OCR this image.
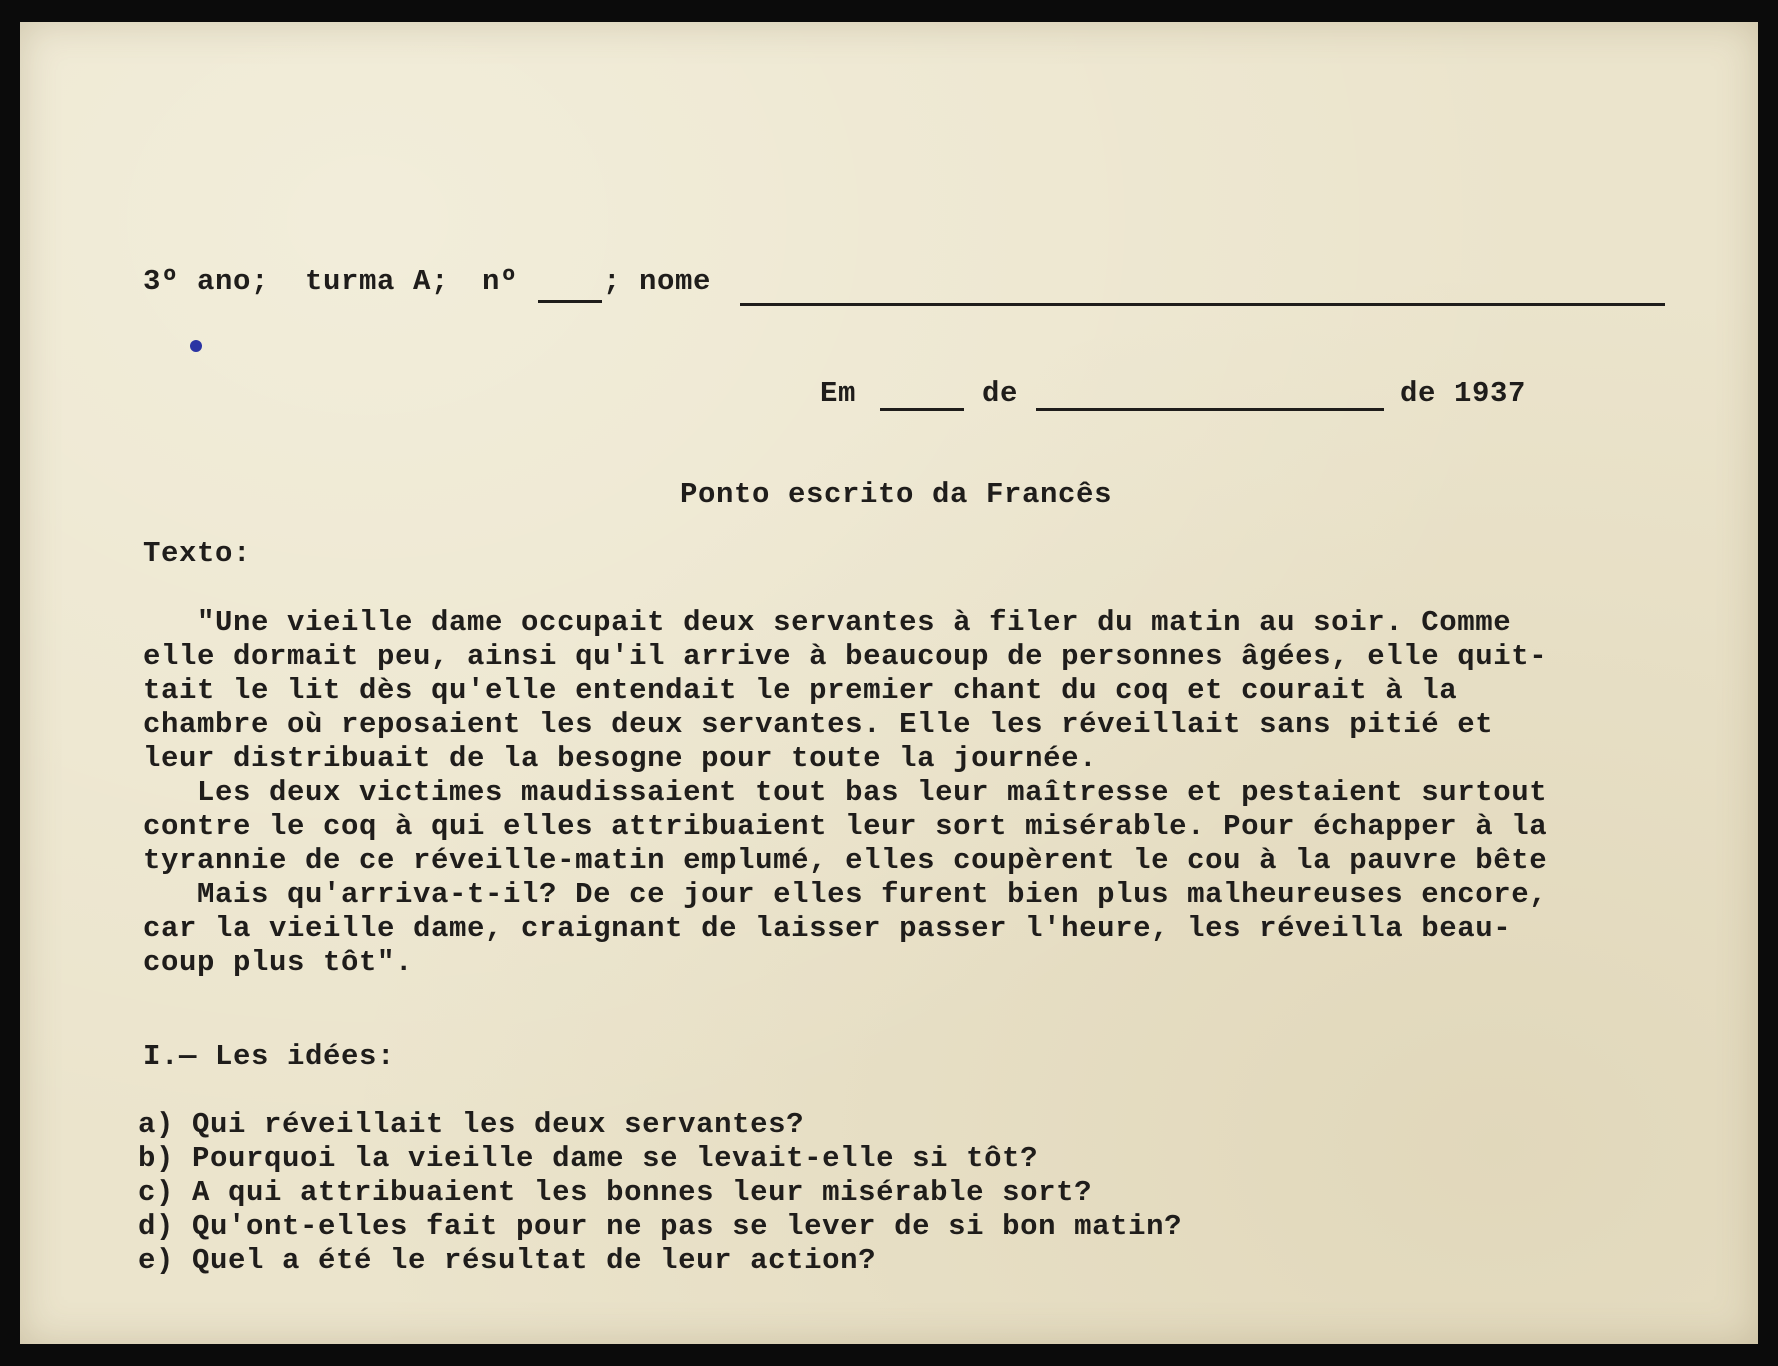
3º ano; turma A; nº	; nome
Em	de	de 1937
Ponto escrito da Francês
Texto:
"Une vieille dame occupait deux servantes à filer du matin au soir. Comme
elle dormait peu, ainsi qu'il arrive à beaucoup de personnes âgées, elle quit-
tait le lit dès qu'elle entendait le premier chant du coq et courait à la
chambre où reposaient les deux servantes. Elle les réveillait sans pitié et
leur distribuait de la besogne pour toute la journée.
Les deux victimes maudissaient tout bas leur maîtresse et pestaient surtout
contre le coq à qui elles attribuaient leur sort misérable. Pour échapper à la
tyrannie de ce réveille-matin emplumé, elles coupèrent le cou à la pauvre bête
Mais qu'arriva-t-il? De ce jour elles furent bien plus malheureuses encore,
car la vieille dame, craignant de laisser passer l'heure, les réveilla beau-
coup plus tôt".
I.— Les idées:
a) Qui réveillait les deux servantes?
b) Pourquoi la vieille dame se levait-elle si tôt?
c) A qui attribuaient les bonnes leur misérable sort?
d) Qu'ont-elles fait pour ne pas se lever de si bon matin?
e) Quel a été le résultat de leur action?
